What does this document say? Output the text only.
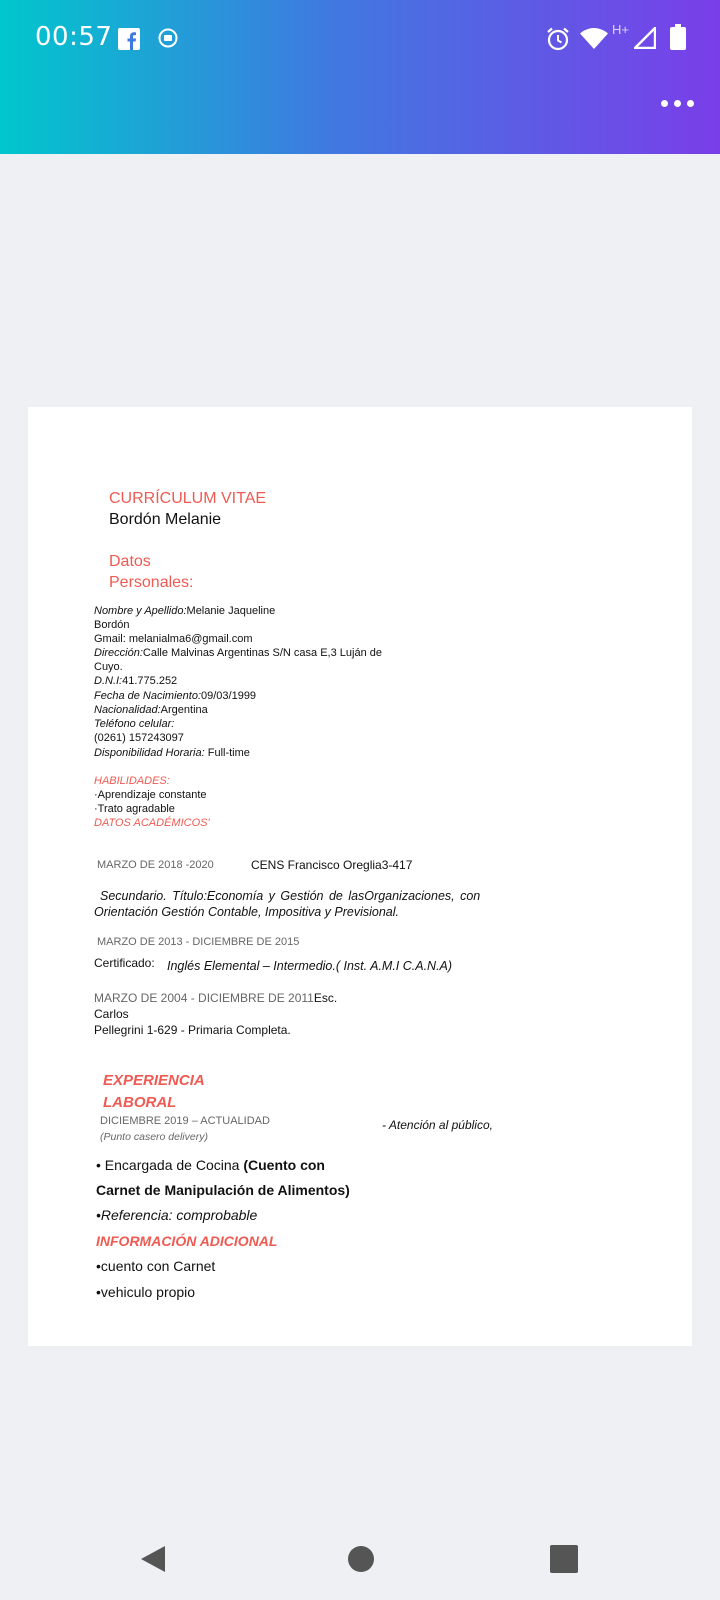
00:57	H+
CURRÍCULUM VITAE
Bordón Melanie
Datos
Personales:
Nombre y Apellido:Melanie Jaqueline
Bordón
Gmail: melanialma6@gmail.com
Dirección:Calle Malvinas Argentinas S/N casa E,3 Luján de
Cuyo.
D.N.I:41.775.252
Fecha de Nacimiento:09/03/1999
Nacionalidad:Argentina
Teléfono celular:
(0261) 157243097
Disponibilidad Horaria: Full-time
HABILIDADES:
·Aprendizaje constante
·Trato agradable
DATOS ACADÉMICOS'
MARZO DE 2018 -2020	CENS Francisco Oreglia3-417
Secundario. Título:Economía y Gestión de lasOrganizaciones, con
Orientación Gestión Contable, Impositiva y Previsional.
MARZO DE 2013 - DICIEMBRE DE 2015
Certificado: Inglés Elemental – Intermedio.( Inst. A.M.I C.A.N.A)
MARZO DE 2004 - DICIEMBRE DE 2011Esc.
Carlos
Pellegrini 1-629 - Primaria Completa.
EXPERIENCIA
LABORAL
DICIEMBRE 2019 – ACTUALIDAD
(Punto casero delivery)
- Atención al público,
• Encargada de Cocina (Cuento con
Carnet de Manipulación de Alimentos)
•Referencia: comprobable
INFORMACIÓN ADICIONAL
•cuento con Carnet
•vehiculo propio
